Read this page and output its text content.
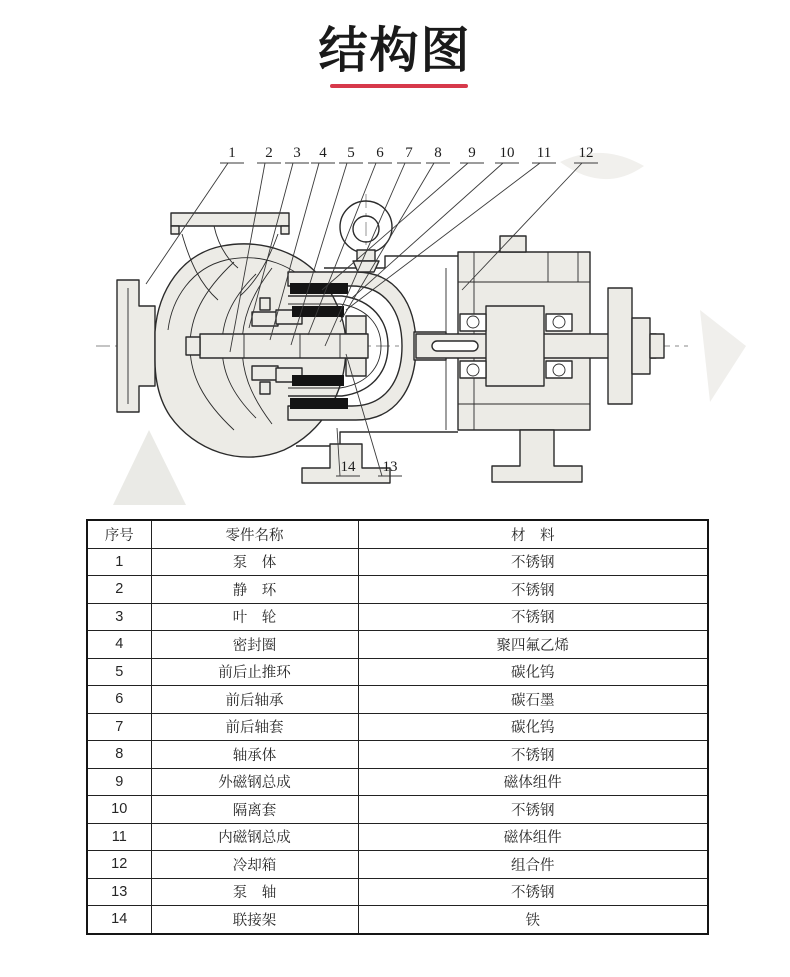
结构图
1 2 3 4 5 6 7 8 9 10 11 12
14 13
序号	零件名称	材　料
1	泵　体	不锈钢
2	静　环	不锈钢
3	叶　轮	不锈钢
4	密封圈	聚四氟乙烯
5	前后止推环	碳化钨
6	前后轴承	碳石墨
7	前后轴套	碳化钨
8	轴承体	不锈钢
9	外磁钢总成	磁体组件
10	隔离套	不锈钢
11	内磁钢总成	磁体组件
12	冷却箱	组合件
13	泵　轴	不锈钢
14	联接架	铁
